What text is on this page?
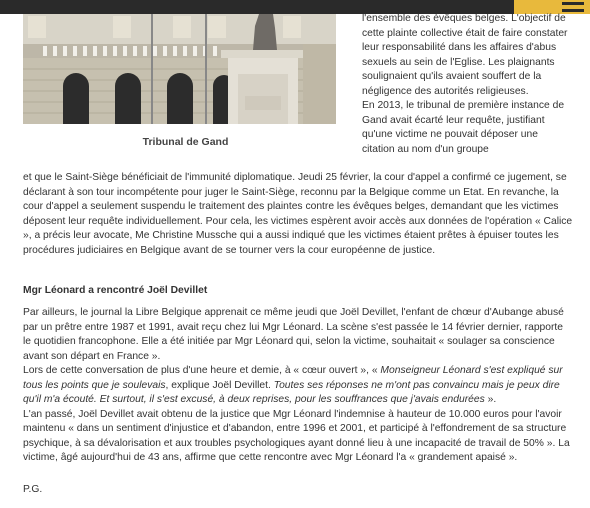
Tribunal de Gand

l'ensemble des évêques belges. L'objectif de cette plainte collective était de faire constater leur responsabilité dans les affaires d'abus sexuels au sein de l'Eglise. Les plaignants soulignaient qu'ils avaient souffert de la négligence des autorités religieuses.

En 2013, le tribunal de première instance de Gand avait écarté leur requête, justifiant qu'une victime ne pouvait déposer une citation au nom d'un groupe

et que le Saint-Siège bénéficiait de l'immunité diplomatique. Jeudi 25 février, la cour d'appel a confirmé ce jugement, se déclarant à son tour incompétente pour juger le Saint-Siège, reconnu par la Belgique comme un Etat. En revanche, la cour d'appel a seulement suspendu le traitement des plaintes contre les évêques belges, demandant que les victimes déposent leur requête individuellement. Pour cela, les victimes espèrent avoir accès aux données de l'opération « Calice », a précis leur avocate, Me Christine Mussche qui a aussi indiqué que les victimes étaient prêtes à épuiser toutes les procédures judiciaires en Belgique avant de se tourner vers la cour européenne de justice.

Mgr Léonard a rencontré Joël Devillet

Par ailleurs, le journal la Libre Belgique apprenait ce même jeudi que Joël Devillet, l'enfant de chœur d'Aubange abusé par un prêtre entre 1987 et 1991, avait reçu chez lui Mgr Léonard. La scène s'est passée le 14 février dernier, rapporte le quotidien francophone. Elle a été initiée par Mgr Léonard qui, selon la victime, souhaitait « soulager sa conscience avant son départ en France ».

Lors de cette conversation de plus d'une heure et demie, à « cœur ouvert », « Monseigneur Léonard s'est expliqué sur tous les points que je soulevais, explique Joël Devillet. Toutes ses réponses ne m'ont pas convaincu mais je peux dire qu'il m'a écouté. Et surtout, il s'est excusé, à deux reprises, pour les souffrances que j'avais endurées ».

L'an passé, Joël Devillet avait obtenu de la justice que Mgr Léonard l'indemnise à hauteur de 10.000 euros pour l'avoir maintenu « dans un sentiment d'injustice et d'abandon, entre 1996 et 2001, et participé à l'effondrement de sa structure psychique, à sa dévalorisation et aux troubles psychologiques ayant donné lieu à une incapacité de travail de 50% ». La victime, âgé aujourd'hui de 43 ans, affirme que cette rencontre avec Mgr Léonard l'a « grandement apaisé ».

P.G.
